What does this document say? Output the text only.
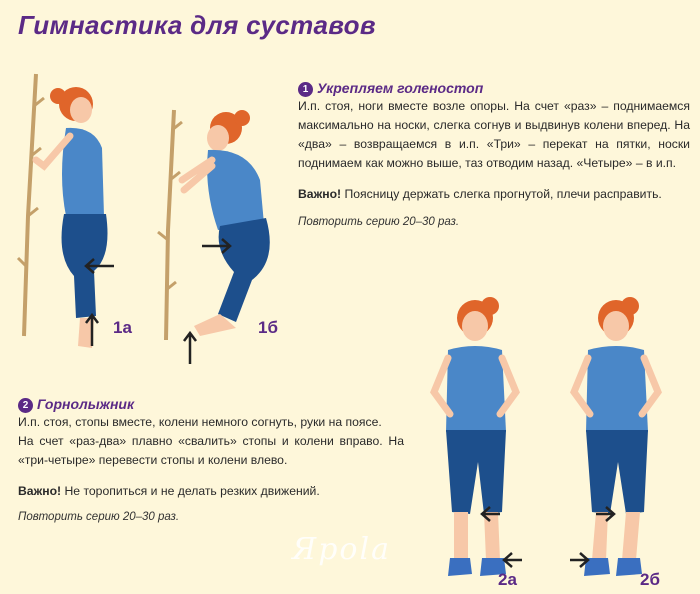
Гимнастика для суставов
1 Укрепляем голеностоп

И.п. стоя, ноги вместе возле опоры. На счет «раз» – поднимаемся максимально на носки, слегка согнув и выдвинув колени вперед. На «два» – возвращаемся в и.п. «Три» – перекат на пятки, носки поднимаем как можно выше, таз отводим назад. «Четыре» – в и.п.

Важно! Поясницу держать слегка прогнутой, плечи расправить.

Повторить серию 20–30 раз.

2 Горнолыжник

И.п. стоя, стопы вместе, колени немного согнуть, руки на поясе.

На счет «раз-два» плавно «свалить» стопы и колени вправо. На «три-четыре» перевести стопы и колени влево.

Важно! Не торопиться и не делать резких движений.

Повторить серию 20–30 раз.

1а	1б
2а	2б
Ярola
